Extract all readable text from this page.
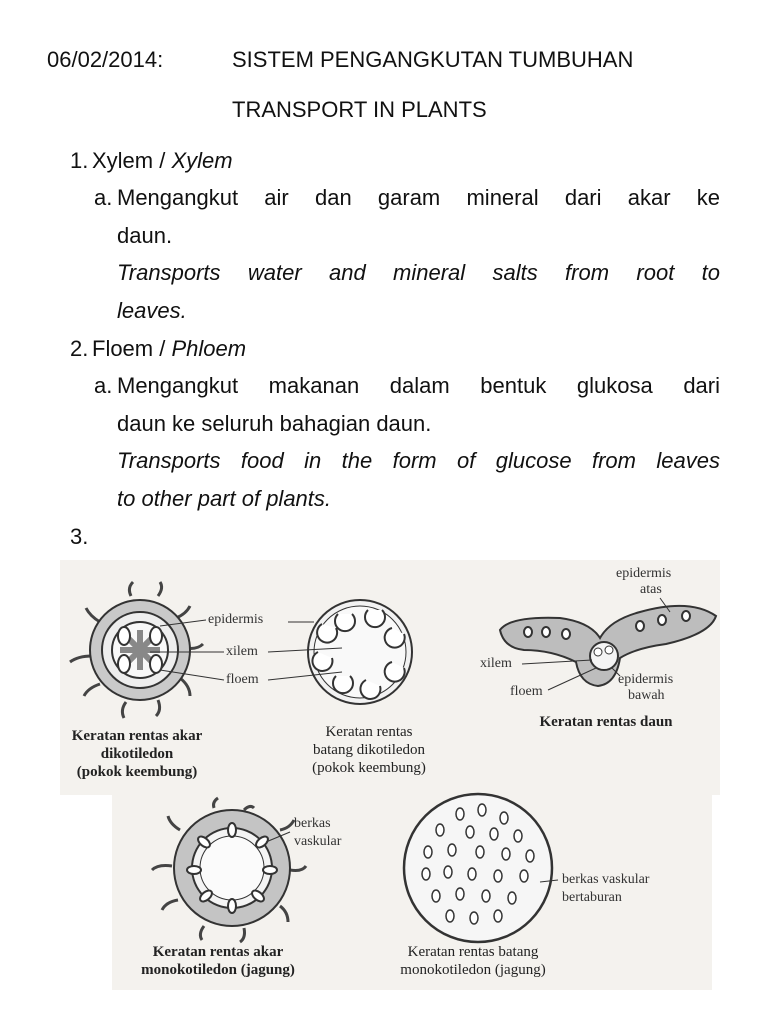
06/02/2014:	SISTEM PENGANGKUTAN TUMBUHAN
TRANSPORT IN PLANTS
1. Xylem / Xylem
a. Mengangkut air dan garam mineral dari akar ke
daun.
Transports water and mineral salts from root to
leaves.
2. Floem / Phloem
a. Mengangkut makanan dalam bentuk glukosa dari
daun ke seluruh bahagian daun.
Transports food in the form of glucose from leaves
to other part of plants.
3.
epidermis
xilem
floem
epidermis
atas
xilem
floem
epidermis
bawah
berkas
vaskular
berkas vaskular
bertaburan
Keratan rentas akar
dikotiledon
(pokok keembung)
Keratan rentas
batang dikotiledon
(pokok keembung)
Keratan rentas daun
Keratan rentas akar
monokotiledon (jagung)
Keratan rentas batang
monokotiledon (jagung)
